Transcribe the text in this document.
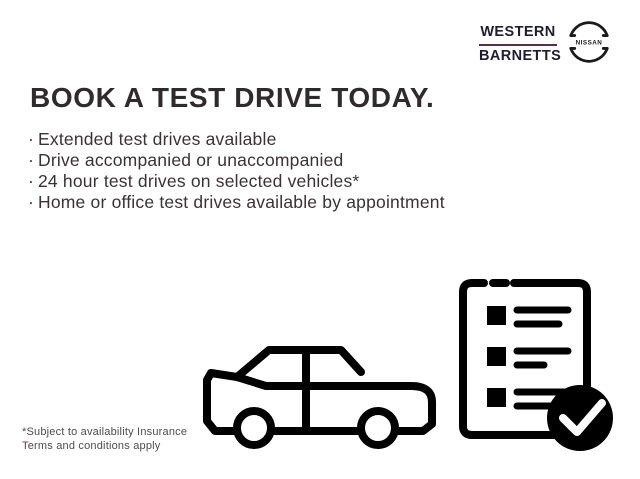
WESTERN
BARNETTS
NISSAN
BOOK A TEST DRIVE TODAY.
· Extended test drives available
· Drive accompanied or unaccompanied
· 24 hour test drives on selected vehicles*
· Home or office test drives available by appointment
*Subject to availability Insurance
Terms and conditions apply
